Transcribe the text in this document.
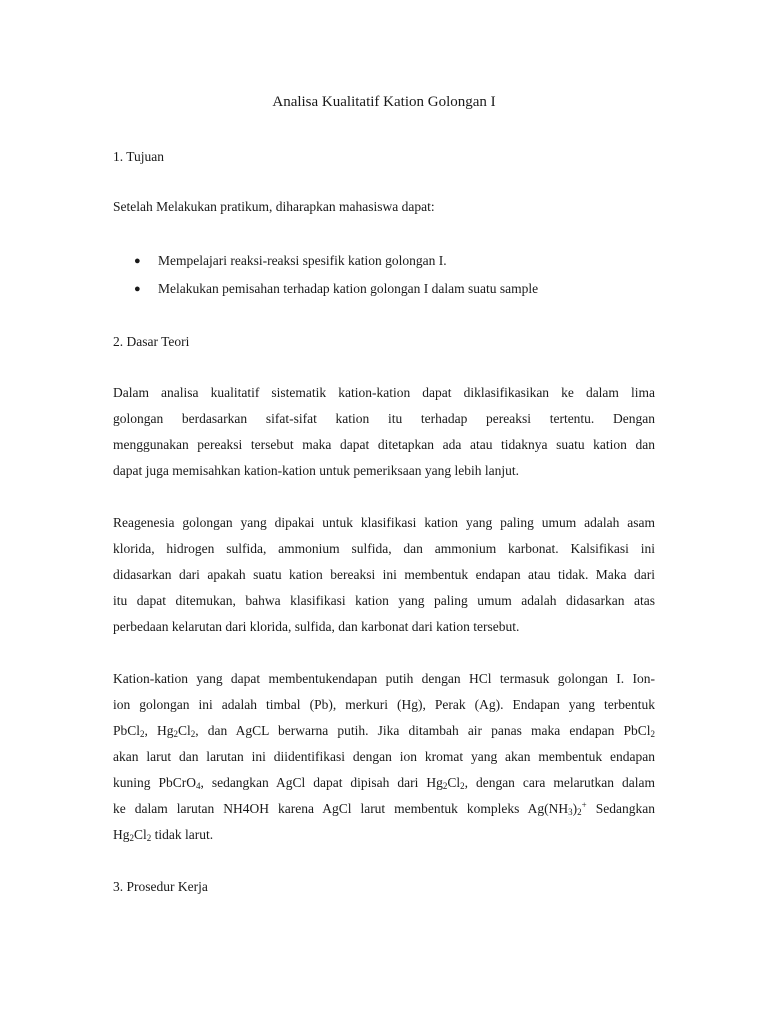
Analisa Kualitatif Kation Golongan I

1. Tujuan

Setelah Melakukan pratikum, diharapkan mahasiswa dapat:

● Mempelajari reaksi-reaksi spesifik kation golongan I.
● Melakukan pemisahan terhadap kation golongan I dalam suatu sample

2. Dasar Teori

Dalam analisa kualitatif sistematik kation-kation dapat diklasifikasikan ke dalam lima

golongan berdasarkan sifat-sifat kation itu terhadap pereaksi tertentu. Dengan

menggunakan pereaksi tersebut maka dapat ditetapkan ada atau tidaknya suatu kation dan

dapat juga memisahkan kation-kation untuk pemeriksaan yang lebih lanjut.

Reagenesia golongan yang dipakai untuk klasifikasi kation yang paling umum adalah asam

klorida, hidrogen sulfida, ammonium sulfida, dan ammonium karbonat. Kalsifikasi ini

didasarkan dari apakah suatu kation bereaksi ini membentuk endapan atau tidak. Maka dari

itu dapat ditemukan, bahwa klasifikasi kation yang paling umum adalah didasarkan atas

perbedaan kelarutan dari klorida, sulfida, dan karbonat dari kation tersebut.

Kation-kation yang dapat membentukendapan putih dengan HCl termasuk golongan I. Ion-

ion golongan ini adalah timbal (Pb), merkuri (Hg), Perak (Ag). Endapan yang terbentuk

PbCl$_2$, $Hg_2Cl_2$, dan AgCL berwarna putih. Jika ditambah air panas maka endapan PbCl$_2$

akan larut dan larutan ini diidentifikasi dengan ion kromat yang akan membentuk endapan

kuning PbCrO$_4$, sedangkan AgCl dapat dipisah dari $Hg_2Cl_2$, dengan cara melarutkan dalam

ke dalam larutan NH4OH karena AgCl larut membentuk kompleks $Ag(NH_3)_2^+$ Sedangkan

$Hg_2Cl_2$ tidak larut.

3. Prosedur Kerja
